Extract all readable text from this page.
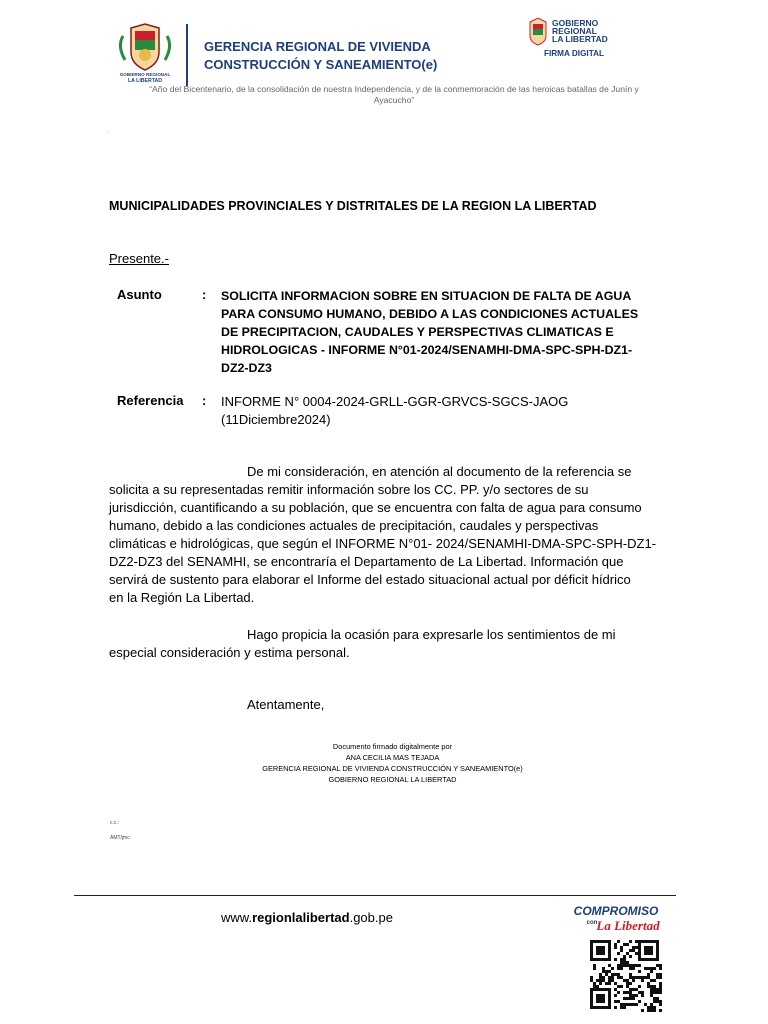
GOBIERNO REGIONAL
LA LIBERTAD
GERENCIA REGIONAL DE VIVIENDA
CONSTRUCCIÓN Y SANEAMIENTO(e)
GOBIERNO
REGIONAL
LA LIBERTAD
FIRMA DIGITAL
“Año del Bicentenario, de la consolidación de nuestra Independencia, y de la conmemoración de las heroicas batallas de Junín y
Ayacucho”
.
MUNICIPALIDADES PROVINCIALES Y DISTRITALES DE LA REGION LA LIBERTAD
Presente.-
Asunto	: SOLICITA INFORMACION SOBRE EN SITUACION DE FALTA DE AGUA
PARA CONSUMO HUMANO, DEBIDO A LAS CONDICIONES ACTUALES
DE PRECIPITACION, CAUDALES Y PERSPECTIVAS CLIMATICAS E
HIDROLOGICAS - INFORME N°01-2024/SENAMHI-DMA-SPC-SPH-DZ1-
DZ2-DZ3
Referencia : INFORME N° 0004-2024-GRLL-GGR-GRVCS-SGCS-JAOG
(11Diciembre2024)
De mi consideración, en atención al documento de la referencia se
solicita a su representadas remitir información sobre los CC. PP. y/o sectores de su
jurisdicción, cuantificando a su población, que se encuentra con falta de agua para consumo
humano, debido a las condiciones actuales de precipitación, caudales y perspectivas
climáticas e hidrológicas, que según el INFORME N°01- 2024/SENAMHI-DMA-SPC-SPH-DZ1-
DZ2-DZ3 del SENAMHI, se encontraría el Departamento de La Libertad. Información que
servirá de sustento para elaborar el Informe del estado situacional actual por déficit hídrico
en la Región La Libertad.
Hago propicia la ocasión para expresarle los sentimientos de mi
especial consideración y estima personal.
Atentamente,
Documento firmado digitalmente por
ANA CECILIA MAS TEJADA
GERENCIA REGIONAL DE VIVIENDA CONSTRUCCIÓN Y SANEAMIENTO(e)
GOBIERNO REGIONAL LA LIBERTAD
c.c.:
AMT/jmc
www.regionlalibertad.gob.pe	COMPROMISO
con La Libertad
